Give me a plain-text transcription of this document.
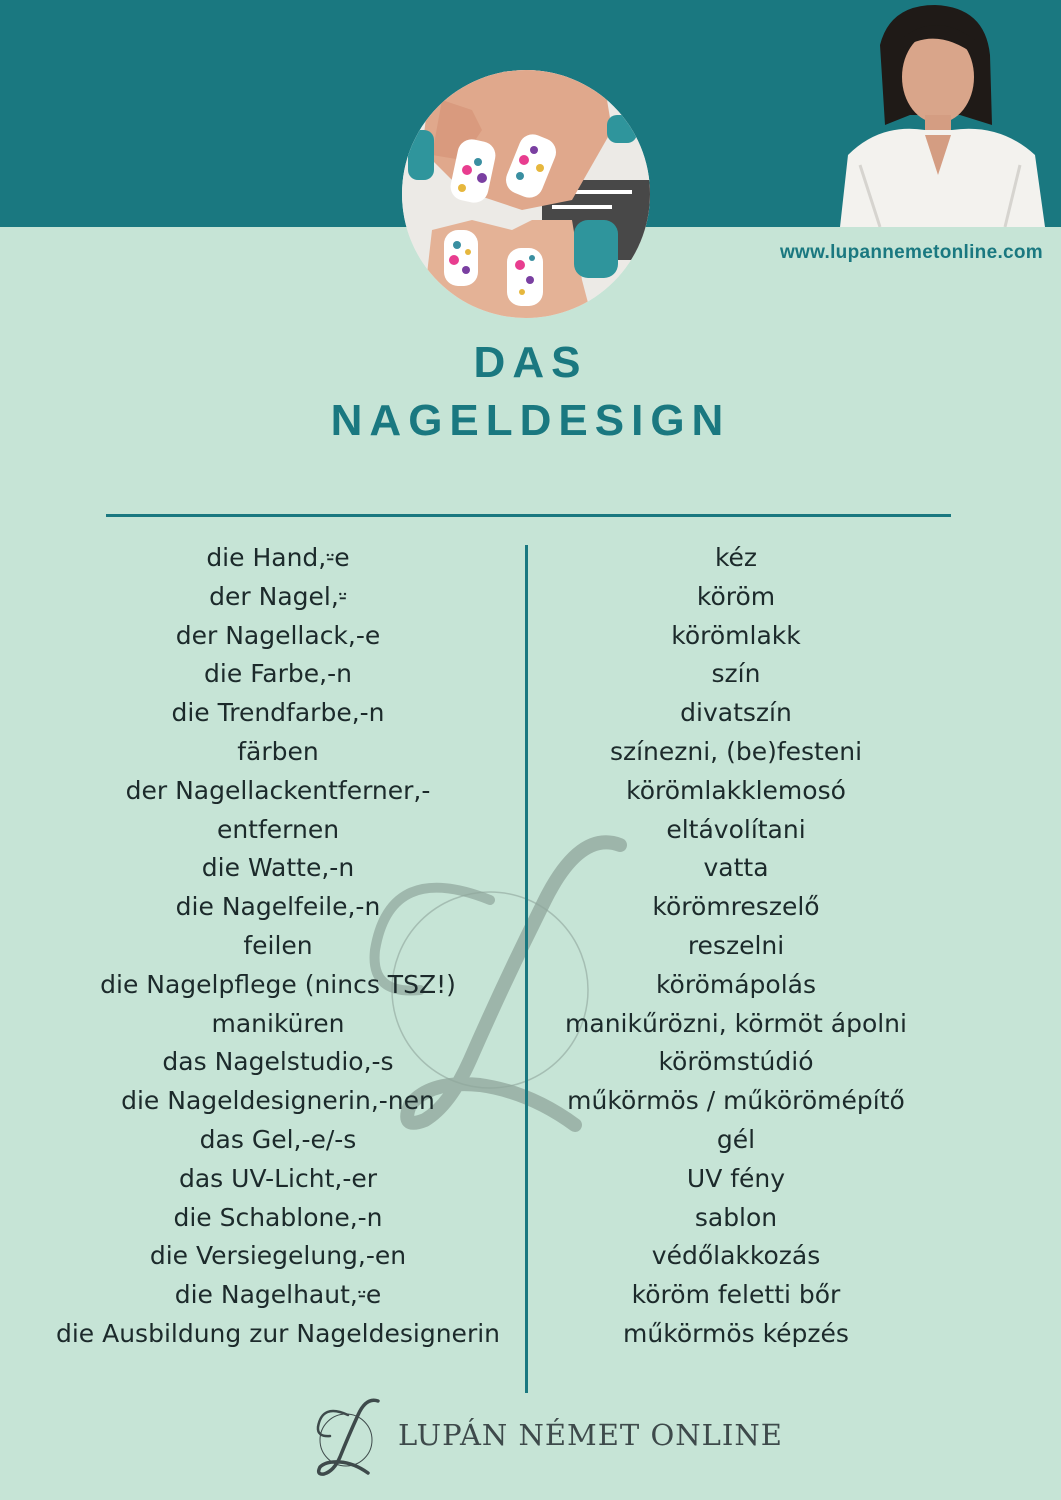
www.lupannemetonline.com
DAS
NAGELDESIGN
die Hand,⸚e
der Nagel,⸚
der Nagellack,-e
die Farbe,-n
die Trendfarbe,-n
färben
der Nagellackentferner,-
entfernen
die Watte,-n
die Nagelfeile,-n
feilen
die Nagelpflege (nincs TSZ!)
maniküren
das Nagelstudio,-s
die Nageldesignerin,-nen
das Gel,-e/-s
das UV-Licht,-er
die Schablone,-n
die Versiegelung,-en
die Nagelhaut,⸚e
die Ausbildung zur Nageldesignerin
kéz
köröm
körömlakk
szín
divatszín
színezni, (be)festeni
körömlakklemosó
eltávolítani
vatta
körömreszelő
reszelni
körömápolás
manikűrözni, körmöt ápolni
körömstúdió
műkörmös / műkörömépítő
gél
UV fény
sablon
védőlakkozás
köröm feletti bőr
műkörmös képzés
LUPÁN NÉMET ONLINE
